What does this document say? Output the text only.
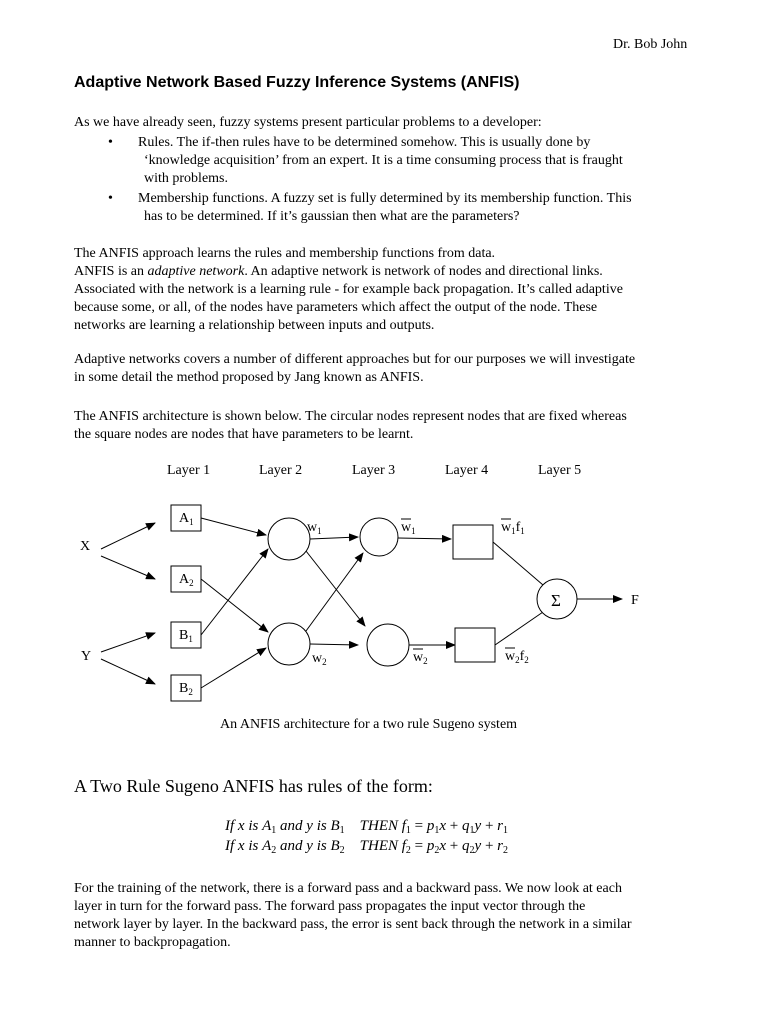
Dr. Bob John
Adaptive Network Based Fuzzy Inference Systems (ANFIS)
As we have already seen, fuzzy systems present particular problems to a developer:
• Rules. The if-then rules have to be determined somehow. This is usually done by
‘knowledge acquisition’ from an expert. It is a time consuming process that is fraught
with problems.
• Membership functions. A fuzzy set is fully determined by its membership function. This
has to be determined. If it’s gaussian then what are the parameters?
The ANFIS approach learns the rules and membership functions from data.
ANFIS is an adaptive network. An adaptive network is network of nodes and directional links.
Associated with the network is a learning rule - for example back propagation. It’s called adaptive
because some, or all, of the nodes have parameters which affect the output of the node. These
networks are learning a relationship between inputs and outputs.
Adaptive networks covers a number of different approaches but for our purposes we will investigate
in some detail the method proposed by Jang known as ANFIS.
The ANFIS architecture is shown below. The circular nodes represent nodes that are fixed whereas
the square nodes are nodes that have parameters to be learnt.
Layer 1	Layer 2	Layer 3	Layer 4	Layer 5
X
Y
$A_1$
$A_2$
$B_1$
$B_2$
$w_1$
$w_2$
$w_1$
$w_2$
$w_1f_1$
$w_2f_2$
Σ	F
An ANFIS architecture for a two rule Sugeno system
A Two Rule Sugeno ANFIS has rules of the form:
If x is $A_1$ and y is $B_1$ THEN $f_1 = p_1x + q_1y + r_1$
If x is $A_2$ and y is $B_2$ THEN $f_2 = p_2x + q_2y + r_2$
For the training of the network, there is a forward pass and a backward pass. We now look at each
layer in turn for the forward pass. The forward pass propagates the input vector through the
network layer by layer. In the backward pass, the error is sent back through the network in a similar
manner to backpropagation.
